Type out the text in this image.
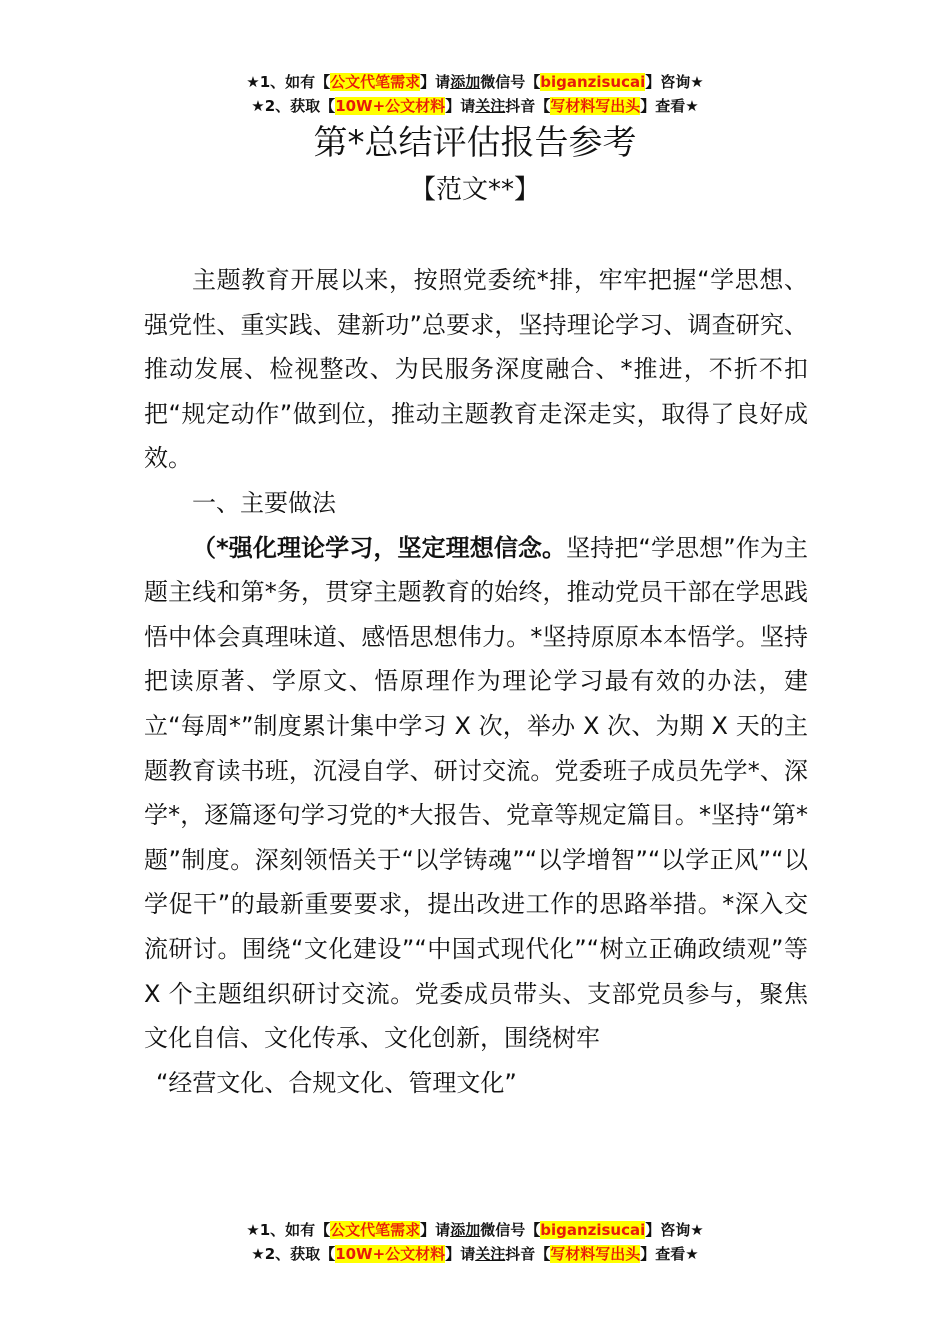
★1、如有【公文代笔需求】请添加微信号【biganzisucai】咨询★
★2、获取【10W+公文材料】请关注抖音【写材料写出头】查看★
第*总结评估报告参考
【范文**】

主题教育开展以来，按照党委统*排，牢牢把握“学思想、强党性、重实践、建新功”总要求，坚持理论学习、调查研究、推动发展、检视整改、为民服务深度融合、*推进，不折不扣把“规定动作”做到位，推动主题教育走深走实，取得了良好成效。

一、主要做法

（*强化理论学习，坚定理想信念。坚持把“学思想”作为主题主线和第*务，贯穿主题教育的始终，推动党员干部在学思践悟中体会真理味道、感悟思想伟力。*坚持原原本本悟学。坚持把读原著、学原文、悟原理作为理论学习最有效的办法，建立“每周*”制度累计集中学习 X 次，举办 X 次、为期 X 天的主题教育读书班，沉浸自学、研讨交流。党委班子成员先学*、深学*，逐篇逐句学习党的*大报告、党章等规定篇目。*坚持“第*题”制度。深刻领悟关于“以学铸魂”“以学增智”“以学正风”“以学促干”的最新重要要求，提出改进工作的思路举措。*深入交流研讨。围绕“文化建设”“中国式现代化”“树立正确政绩观”等 X 个主题组织研讨交流。党委成员带头、支部党员参与，聚焦文化自信、文化传承、文化创新，围绕树牢

“经营文化、合规文化、管理文化”

★1、如有【公文代笔需求】请添加微信号【biganzisucai】咨询★
★2、获取【10W+公文材料】请关注抖音【写材料写出头】查看★
